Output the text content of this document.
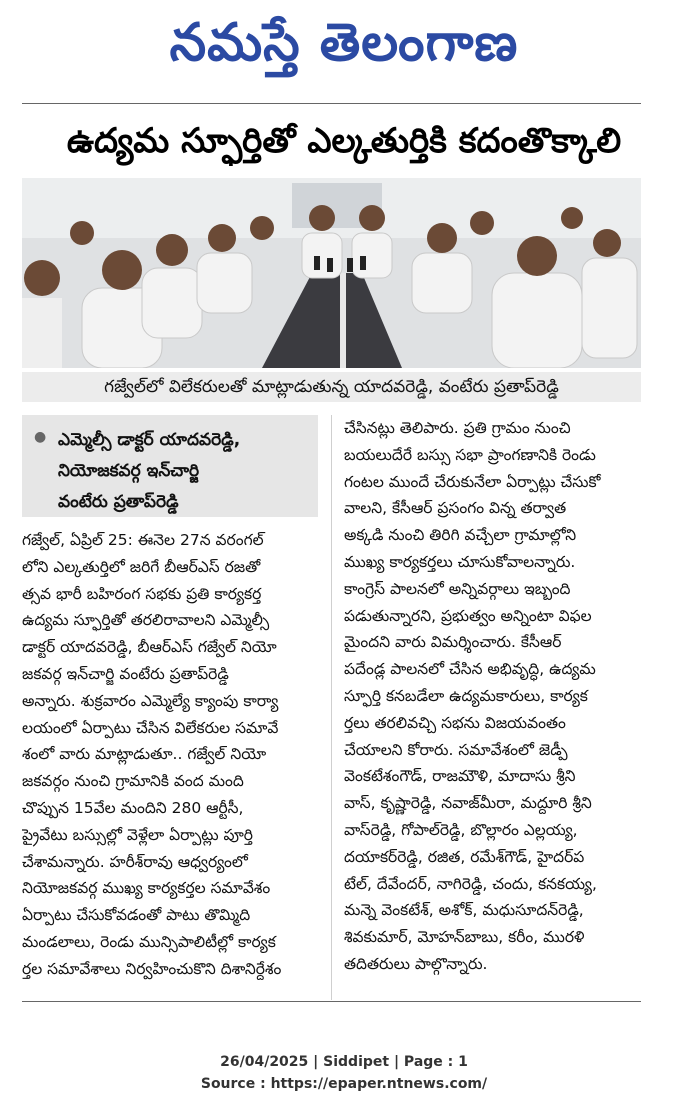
నమస్తే తెలంగాణ
ఉద్యమ స్ఫూర్తితో ఎల్కతుర్తికి కదంతొక్కాలి
గజ్వేల్‌లో విలేకరులతో మాట్లాడుతున్న యాదవరెడ్డి, వంటేరు ప్రతాప్‌రెడ్డి
● ఎమ్మెల్సీ డాక్టర్ యాదవరెడ్డి,
నియోజకవర్గ ఇన్‌చార్జి
వంటేరు ప్రతాప్‌రెడ్డి
గజ్వేల్, ఏప్రిల్ 25: ఈనెల 27న వరంగల్
లోని ఎల్కతుర్తిలో జరిగే బీఆర్ఎస్ రజతో
త్సవ భారీ బహిరంగ సభకు ప్రతి కార్యకర్త
ఉద్యమ స్ఫూర్తితో తరలిరావాలని ఎమ్మెల్సీ
డాక్టర్ యాదవరెడ్డి, బీఆర్ఎస్ గజ్వేల్ నియో
జకవర్గ ఇన్‌చార్జి వంటేరు ప్రతాప్‌రెడ్డి
అన్నారు. శుక్రవారం ఎమ్మెల్యే క్యాంపు కార్యా
లయంలో ఏర్పాటు చేసిన విలేకరుల సమావే
శంలో వారు మాట్లాడుతూ.. గజ్వేల్ నియో
జకవర్గం నుంచి గ్రామానికి వంద మంది
చొప్పున 15వేల మందిని 280 ఆర్టీసీ,
ప్రైవేటు బస్సుల్లో వెళ్లేలా ఏర్పాట్లు పూర్తి
చేశామన్నారు. హరీశ్‌రావు ఆధ్వర్యంలో
నియోజకవర్గ ముఖ్య కార్యకర్తల సమావేశం
ఏర్పాటు చేసుకోవడంతో పాటు తొమ్మిది
మండలాలు, రెండు మున్సిపాలిటీల్లో కార్యక
ర్తల సమావేశాలు నిర్వహించుకొని దిశానిర్దేశం
చేసినట్లు తెలిపారు. ప్రతి గ్రామం నుంచి
బయలుదేరే బస్సు సభా ప్రాంగణానికి రెండు
గంటల ముందే చేరుకునేలా ఏర్పాట్లు చేసుకో
వాలని, కేసీఆర్ ప్రసంగం విన్న తర్వాత
అక్కడి నుంచి తిరిగి వచ్చేలా గ్రామాల్లోని
ముఖ్య కార్యకర్తలు చూసుకోవాలన్నారు.
కాంగ్రెస్ పాలనలో అన్నివర్గాలు ఇబ్బంది
పడుతున్నారని, ప్రభుత్వం అన్నింటా విఫల
మైందని వారు విమర్శించారు. కేసీఆర్
పదేండ్ల పాలనలో చేసిన అభివృద్ధి, ఉద్యమ
స్ఫూర్తి కనబడేలా ఉద్యమకారులు, కార్యక
ర్తలు తరలివచ్చి సభను విజయవంతం
చేయాలని కోరారు. సమావేశంలో జెడ్పీ
వెంకటేశంగౌడ్, రాజమౌళి, మాదాసు శ్రీని
వాస్, కృష్ణారెడ్డి, నవాజ్‌మీరా, మద్దూరి శ్రీని
వాస్‌రెడ్డి, గోపాల్‌రెడ్డి, బొల్లారం ఎల్లయ్య,
దయాకర్‌రెడ్డి, రజిత, రమేశ్‌గౌడ్, హైదర్‌ప
టేల్, దేవేందర్, నాగిరెడ్డి, చందు, కనకయ్య,
మన్నె వెంకటేశ్, అశోక్, మధుసూదన్‌రెడ్డి,
శివకుమార్, మోహన్‌బాబు, కరీం, మురళి
తదితరులు పాల్గొన్నారు.
26/04/2025 | Siddipet | Page : 1
Source : https://epaper.ntnews.com/
